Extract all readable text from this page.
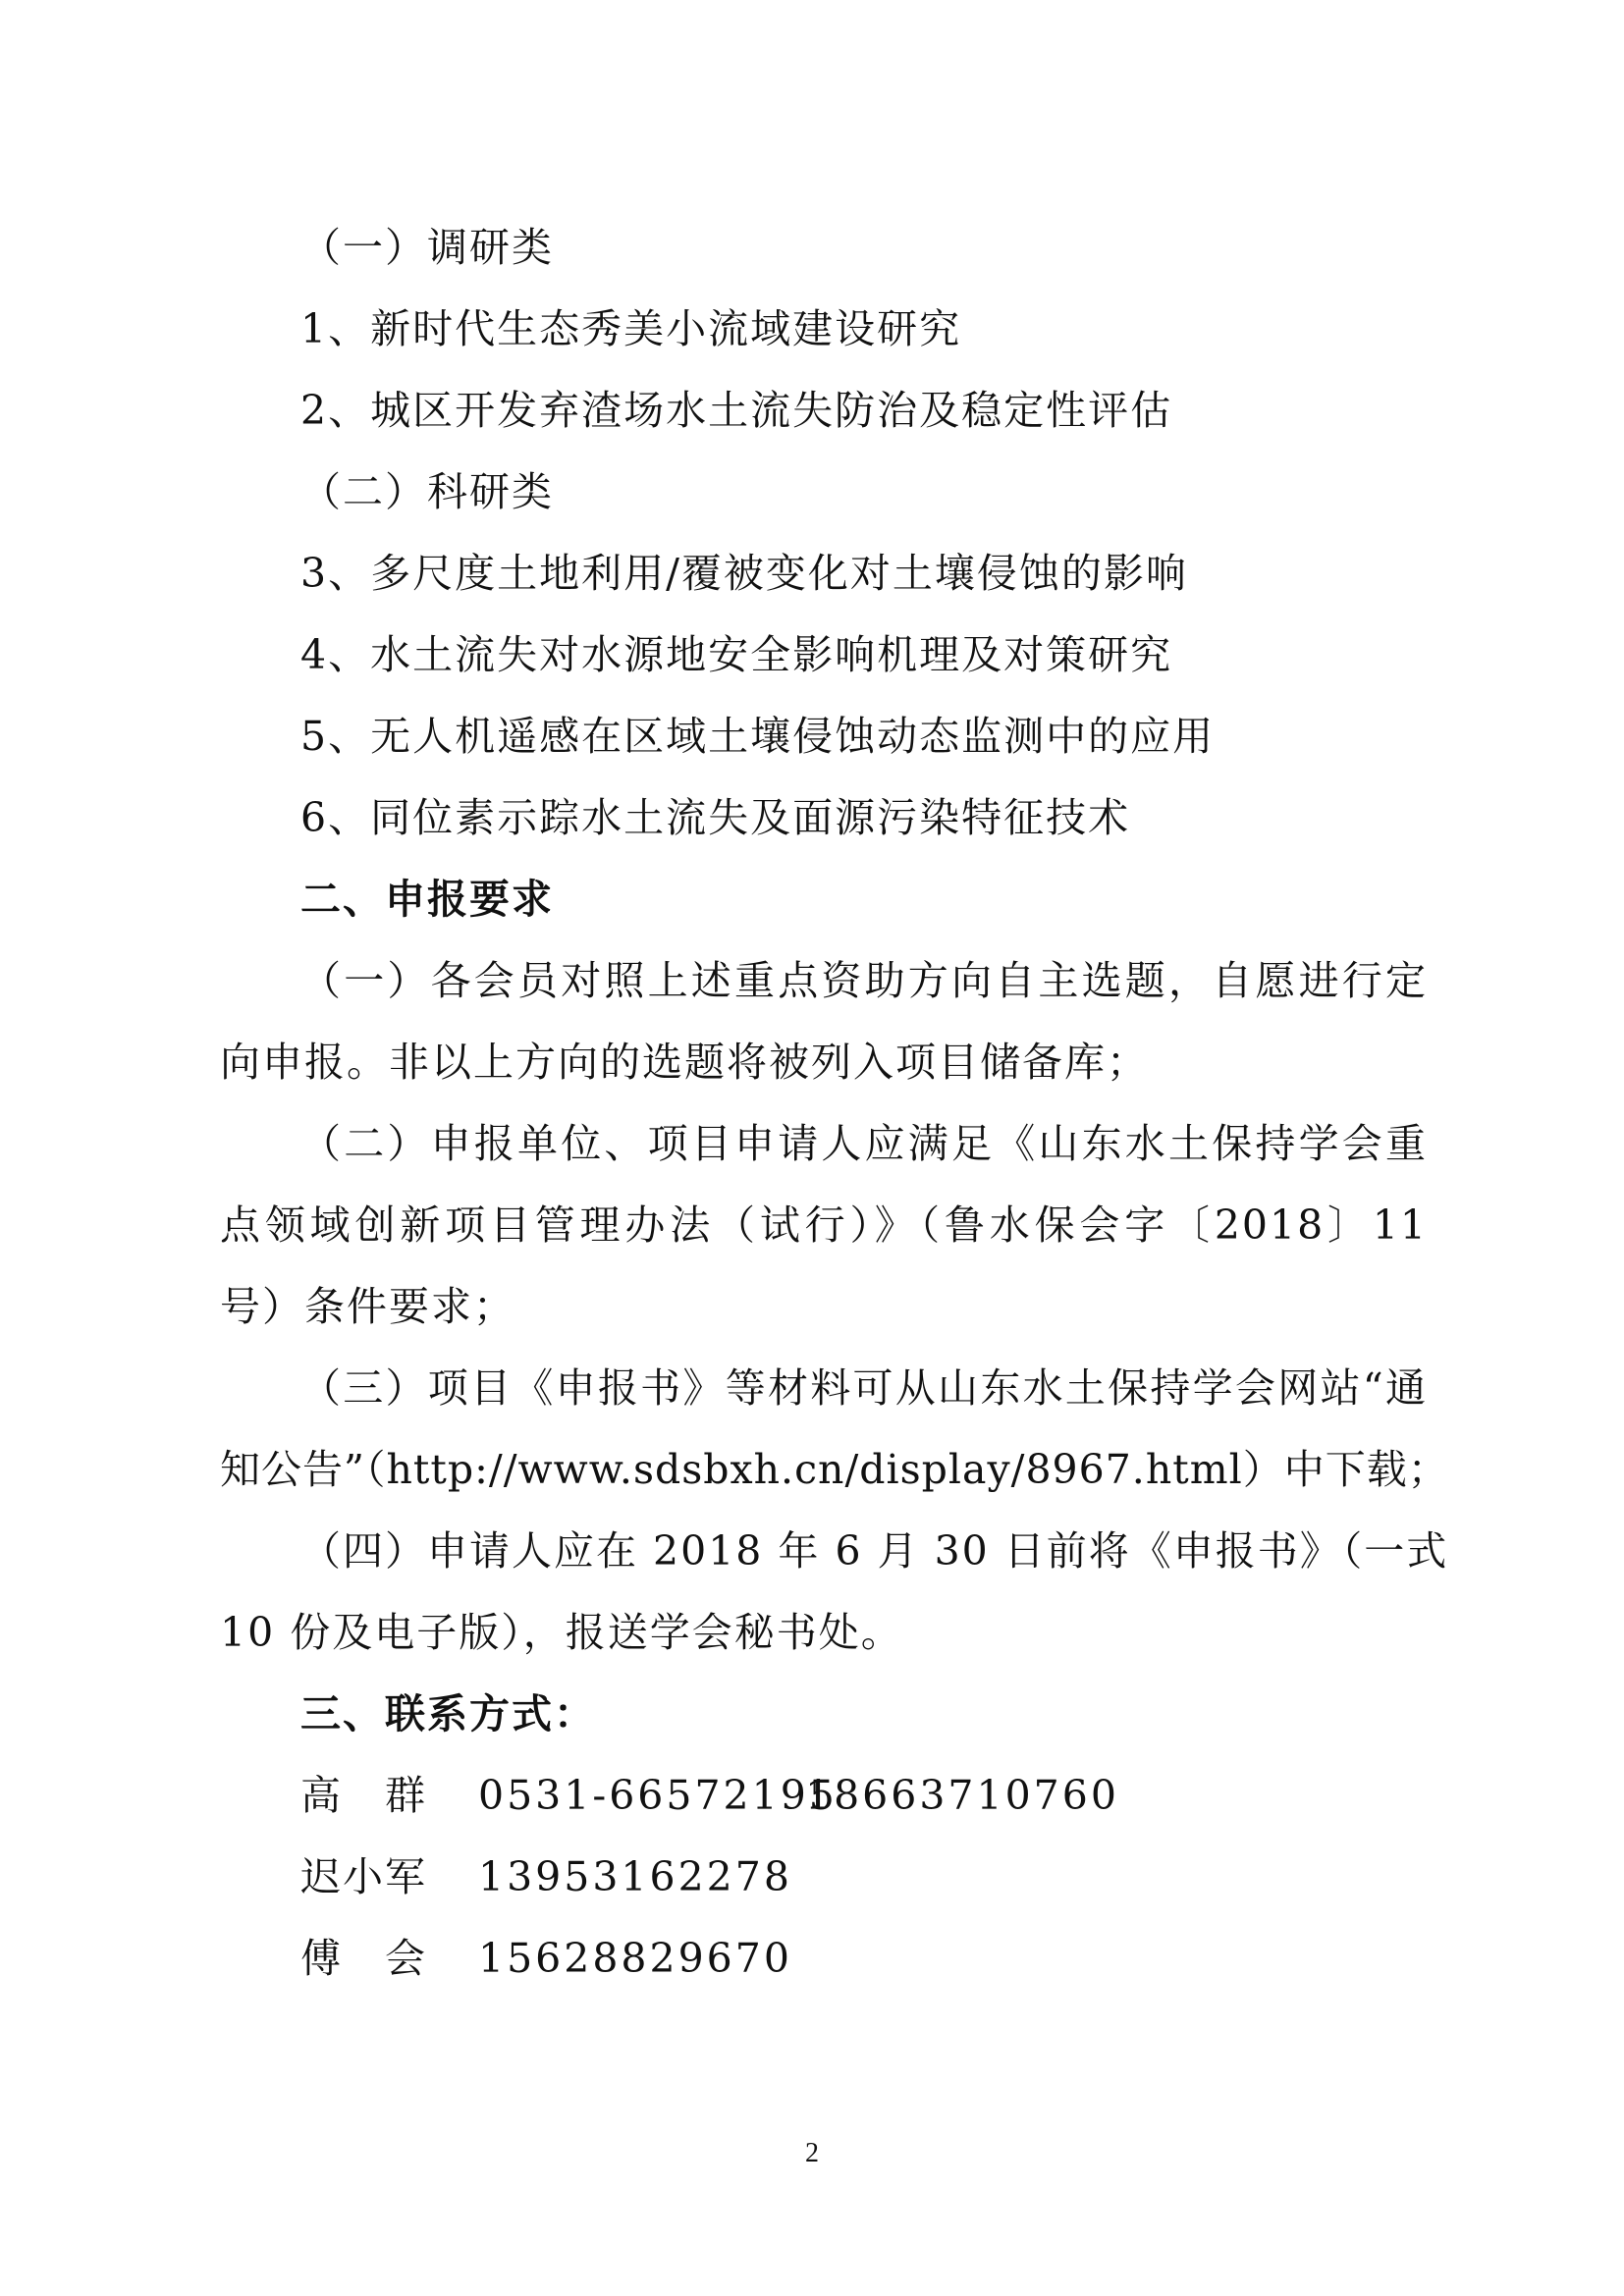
（一）调研类
1、新时代生态秀美小流域建设研究
2、城区开发弃渣场水土流失防治及稳定性评估
（二）科研类
3、多尺度土地利用/覆被变化对土壤侵蚀的影响
4、水土流失对水源地安全影响机理及对策研究
5、无人机遥感在区域土壤侵蚀动态监测中的应用
6、同位素示踪水土流失及面源污染特征技术
二、申报要求
（一）各会员对照上述重点资助方向自主选题，自愿进行定
向申报。非以上方向的选题将被列入项目储备库；
（二）申报单位、项目申请人应满足《山东水土保持学会重
点领域创新项目管理办法（试行）》（鲁水保会字〔2018〕11
号）条件要求；
（三）项目《申报书》等材料可从山东水土保持学会网站“通
知公告”（http://www.sdsbxh.cn/display/8967.html）中下载；
（四）申请人应在 2018 年 6 月 30 日前将《申报书》（一式
10 份及电子版），报送学会秘书处。
三、联系方式：
高　群 0531-66572195
18663710760
迟小军 13953162278
傅　会 15628829670
2
